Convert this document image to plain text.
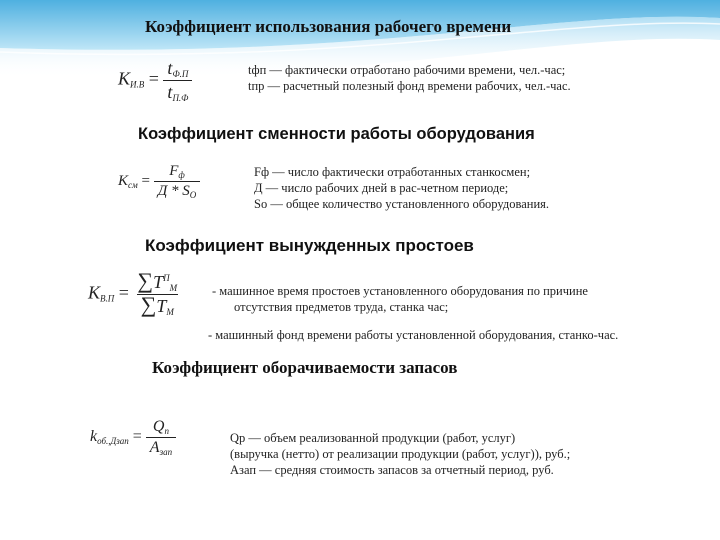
Коэффициент использования рабочего времени
$K_{И.В} = \frac{t_{Ф.П}}{t_{П.Ф}}$	tфп — фактически отработано рабочими времени, чел.-час;
tпр — расчетный полезный фонд времени рабочих, чел.-час.
Коэффициент сменности работы оборудования
$K_{см} = \frac{F_ф}{Д * S_О}$	Fф — число фактически отработанных станкосмен;
Д — число рабочих дней в рас-четном периоде;
So — общее количество установленного оборудования.
Коэффициент вынужденных простоев
$K_{В.П} = \frac{\sum T^П_M}{\sum T_M}$ - машинное время простоев установленного оборудования по причине
отсутствия предметов труда, станка час;
- машинный фонд времени работы установленной оборудования, станко-час.
Коэффициент оборачиваемости запасов
$k_{об.,Дзап} = \frac{Q_п}{A_{зап}}$	Qр — объем реализованной продукции (работ, услуг)
(выручка (нетто) от реализации продукции (работ, услуг)), руб.;
Азап — средняя стоимость запасов за отчетный период, руб.
